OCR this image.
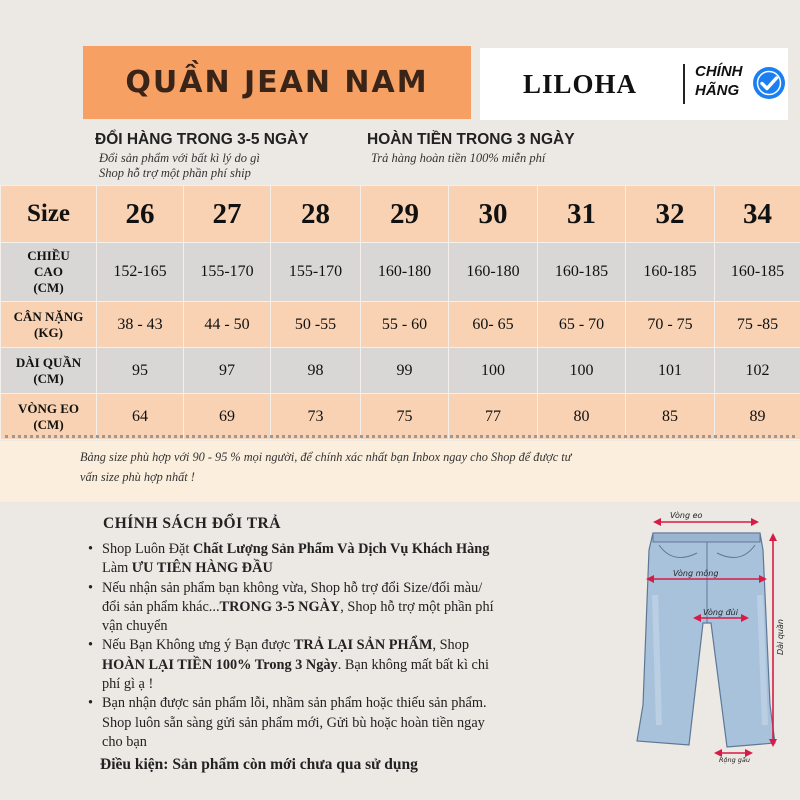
QUẦN JEAN NAM	LILOHA	CHÍNH
HÃNG
ĐỔI HÀNG TRONG 3-5 NGÀY
Đổi sản phẩm với bất kì lý do gì
Shop hỗ trợ một phần phí ship
HOÀN TIỀN TRONG 3 NGÀY
Trả hàng hoàn tiền 100% miễn phí
Size	26	27	28	29	30	31	32	34

CHIỀU
CAO
(CM)	152-165	155-170	155-170	160-180	160-180	160-185	160-185	160-185

CÂN NẶNG
(KG)	38 - 43	44 - 50	50 -55	55 - 60	60- 65	65 - 70	70 - 75	75 -85

DÀI QUẦN
(CM)	95	97	98	99	100	100	101	102

VÒNG EO
(CM)	64	69	73	75	77	80	85	89
Bảng size phù hợp với 90 - 95 % mọi người, để chính xác nhất bạn Inbox ngay cho Shop để được tư
vấn size phù hợp nhất !
CHÍNH SÁCH ĐỔI TRẢ
• Shop Luôn Đặt Chất Lượng Sản Phẩm Và Dịch Vụ Khách Hàng
Làm ƯU TIÊN HÀNG ĐẦU
• Nếu nhận sản phẩm bạn không vừa, Shop hỗ trợ đổi Size/đổi màu/
đổi sản phẩm khác...TRONG 3-5 NGÀY, Shop hỗ trợ một phần phí
vận chuyển
• Nếu Bạn Không ưng ý Bạn được TRẢ LẠI SẢN PHẨM, Shop
HOÀN LẠI TIỀN 100% Trong 3 Ngày. Bạn không mất bất kì chi
phí gì ạ !
• Bạn nhận được sản phẩm lỗi, nhầm sản phẩm hoặc thiếu sản phẩm.
Shop luôn sẵn sàng gửi sản phẩm mới, Gửi bù hoặc hoàn tiền ngay
cho bạn
Điều kiện: Sản phẩm còn mới chưa qua sử dụng
Vòng eo
Vòng mông
Vòng đùi
Dài quần
Rộng gấu
